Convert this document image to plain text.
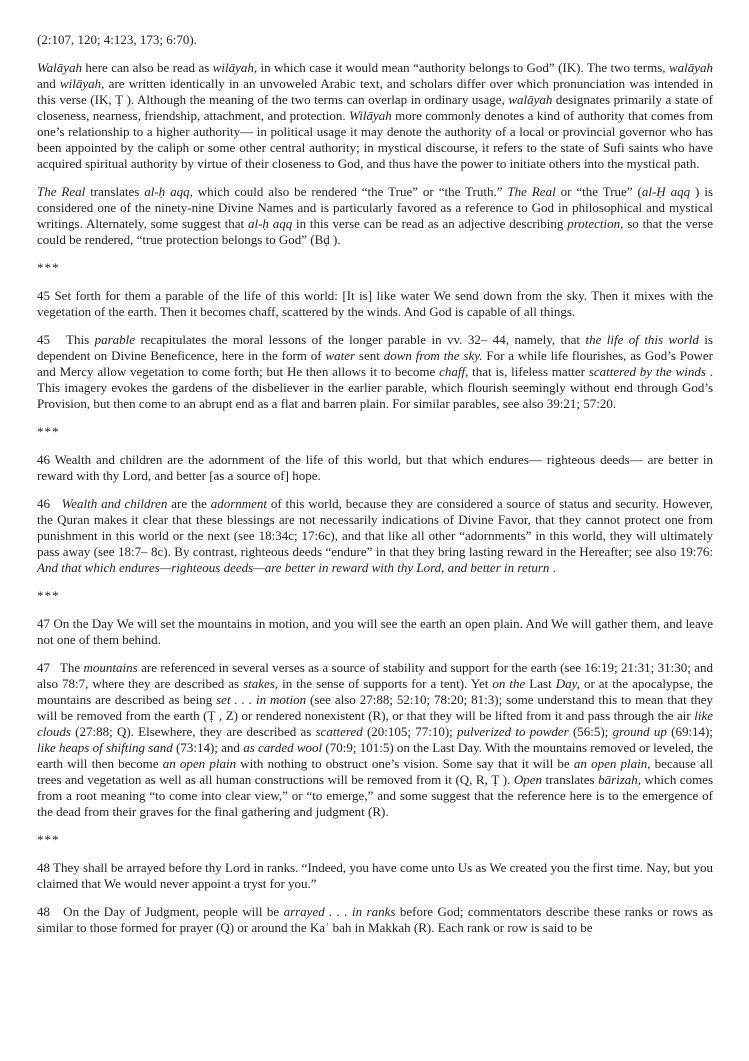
(2:107, 120; 4:123, 173; 6:70).

Walāyah here can also be read as wilāyah, in which case it would mean “authority belongs to God” (IK). The two terms, walāyah and wilāyah, are written identically in an unvoweled Arabic text, and scholars differ over which pronunciation was intended in this verse (IK, Ṭ ). Although the meaning of the two terms can overlap in ordinary usage, walāyah designates primarily a state of closeness, nearness, friendship, attachment, and protection. Wilāyah more commonly denotes a kind of authority that comes from one’s relationship to a higher authority— in political usage it may denote the authority of a local or provincial governor who has been appointed by the caliph or some other central authority; in mystical discourse, it refers to the state of Sufi saints who have acquired spiritual authority by virtue of their closeness to God, and thus have the power to initiate others into the mystical path.

The Real translates al-ḥ aqq, which could also be rendered “the True” or “the Truth.” The Real or “the True” (al-Ḥ aqq ) is considered one of the ninety-nine Divine Names and is particularly favored as a reference to God in philosophical and mystical writings. Alternately, some suggest that al-ḥ aqq in this verse can be read as an adjective describing protection, so that the verse could be rendered, “true protection belongs to God” (Bḍ ).

***

45 Set forth for them a parable of the life of this world: [It is] like water We send down from the sky. Then it mixes with the vegetation of the earth. Then it becomes chaff, scattered by the winds. And God is capable of all things.

45   This parable recapitulates the moral lessons of the longer parable in vv. 32– 44, namely, that the life of this world is dependent on Divine Beneficence, here in the form of water sent down from the sky. For a while life flourishes, as God’s Power and Mercy allow vegetation to come forth; but He then allows it to become chaff, that is, lifeless matter scattered by the winds . This imagery evokes the gardens of the disbeliever in the earlier parable, which flourish seemingly without end through God’s Provision, but then come to an abrupt end as a flat and barren plain. For similar parables, see also 39:21; 57:20.

***

46 Wealth and children are the adornment of the life of this world, but that which endures— righteous deeds— are better in reward with thy Lord, and better [as a source of] hope.

46   Wealth and children are the adornment of this world, because they are considered a source of status and security. However, the Quran makes it clear that these blessings are not necessarily indications of Divine Favor, that they cannot protect one from punishment in this world or the next (see 18:34c; 17:6c), and that like all other “adornments” in this world, they will ultimately pass away (see 18:7– 8c). By contrast, righteous deeds “endure” in that they bring lasting reward in the Hereafter; see also 19:76: And that which endures—righteous deeds—are better in reward with thy Lord, and better in return .

***

47 On the Day We will set the mountains in motion, and you will see the earth an open plain. And We will gather them, and leave not one of them behind.

47   The mountains are referenced in several verses as a source of stability and support for the earth (see 16:19; 21:31; 31:30; and also 78:7, where they are described as stakes, in the sense of supports for a tent). Yet on the Last Day, or at the apocalypse, the mountains are described as being set . . . in motion (see also 27:88; 52:10; 78:20; 81:3); some understand this to mean that they will be removed from the earth (Ṭ , Z) or rendered nonexistent (R), or that they will be lifted from it and pass through the air like clouds (27:88; Q). Elsewhere, they are described as scattered (20:105; 77:10); pulverized to powder (56:5); ground up (69:14); like heaps of shifting sand (73:14); and as carded wool (70:9; 101:5) on the Last Day. With the mountains removed or leveled, the earth will then become an open plain with nothing to obstruct one’s vision. Some say that it will be an open plain, because all trees and vegetation as well as all human constructions will be removed from it (Q, R, Ṭ ). Open translates bārizah, which comes from a root meaning “to come into clear view,” or “to emerge,” and some suggest that the reference here is to the emergence of the dead from their graves for the final gathering and judgment (R).

***

48 They shall be arrayed before thy Lord in ranks. “Indeed, you have come unto Us as We created you the first time. Nay, but you claimed that We would never appoint a tryst for you.”

48   On the Day of Judgment, people will be arrayed . . . in ranks before God; commentators describe these ranks or rows as similar to those formed for prayer (Q) or around the Kaʿ bah in Makkah (R). Each rank or row is said to be
